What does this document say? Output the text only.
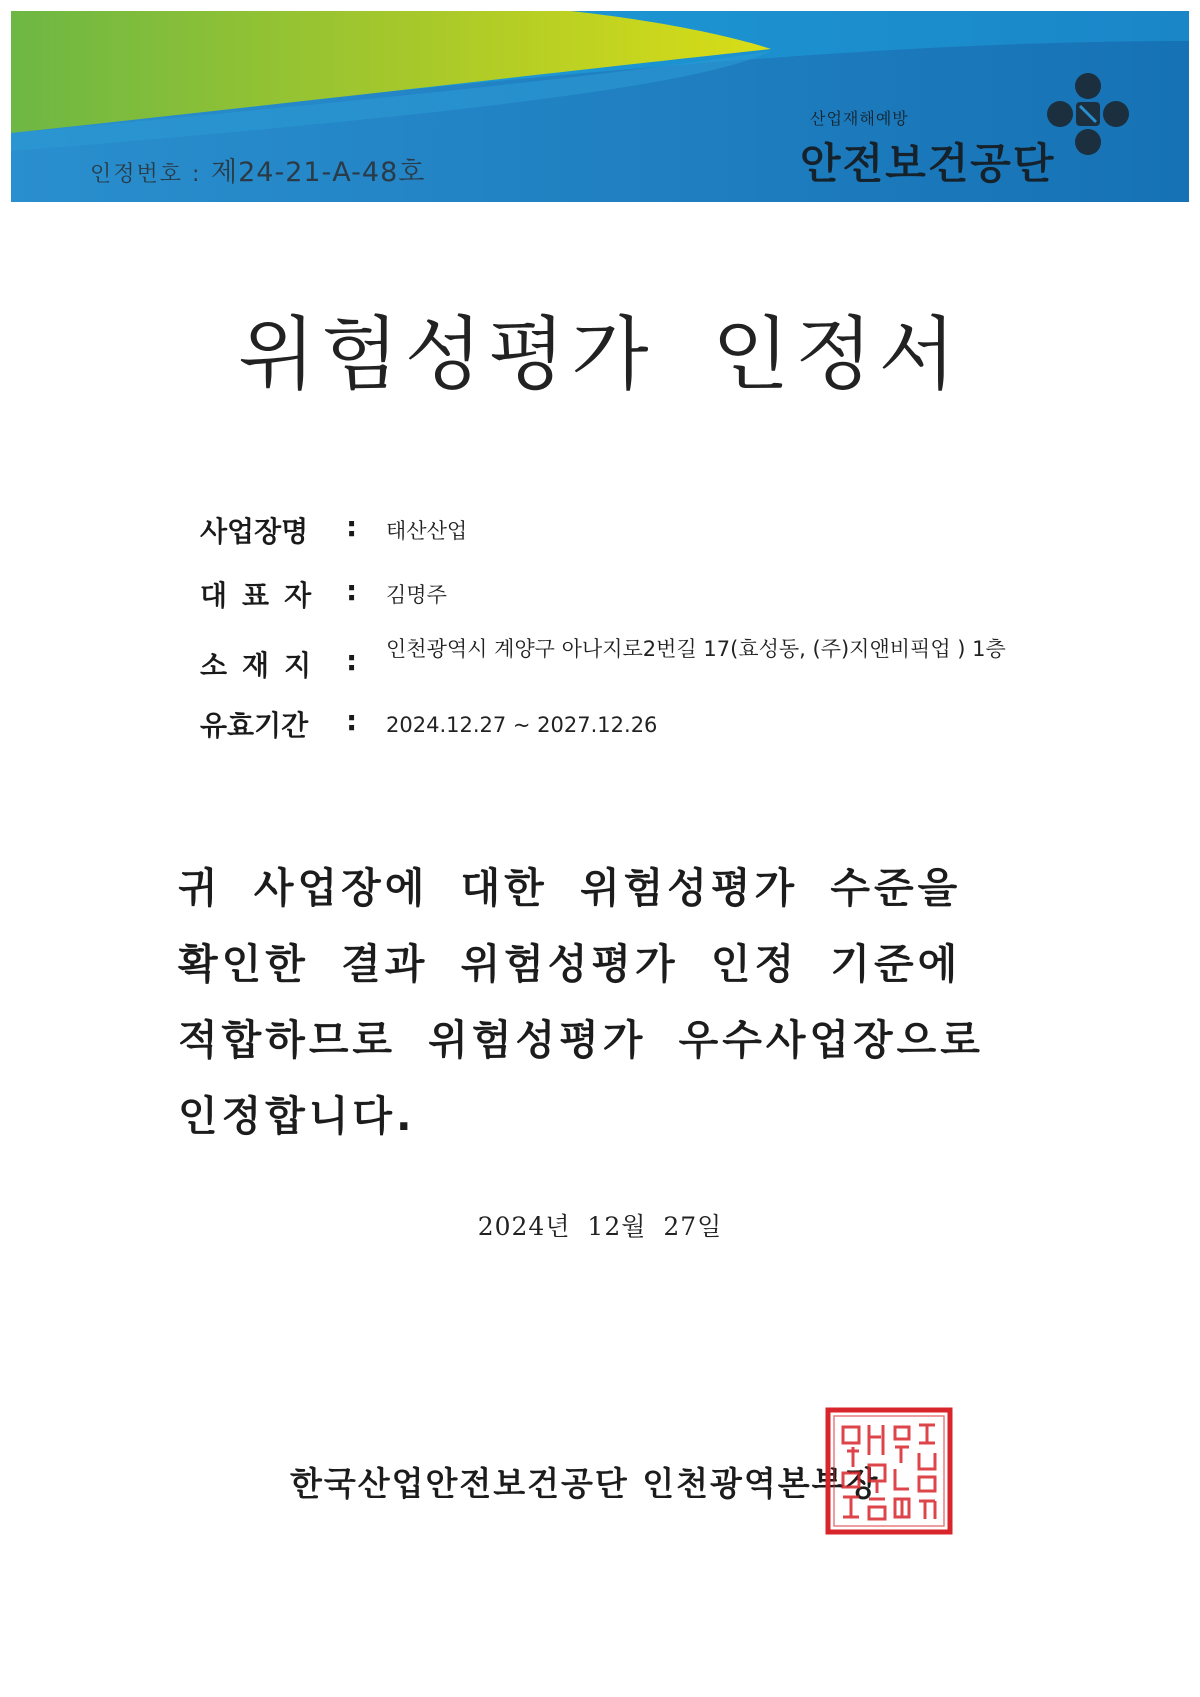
인정번호 : 제24-21-A-48호
산업재해예방
안전보건공단
위험성평가 인정서
사업장명 : 태산산업
대표자 : 김명주
소재지 : 인천광역시 계양구 아나지로2번길 17(효성동, (주)지앤비픽업 ) 1층
유효기간 : 2024.12.27 ~ 2027.12.26
귀 사업장에 대한 위험성평가 수준을
확인한 결과 위험성평가 인정 기준에
적합하므로 위험성평가 우수사업장으로
인정합니다.
2024년 12월 27일
한국산업안전보건공단 인천광역본부장
